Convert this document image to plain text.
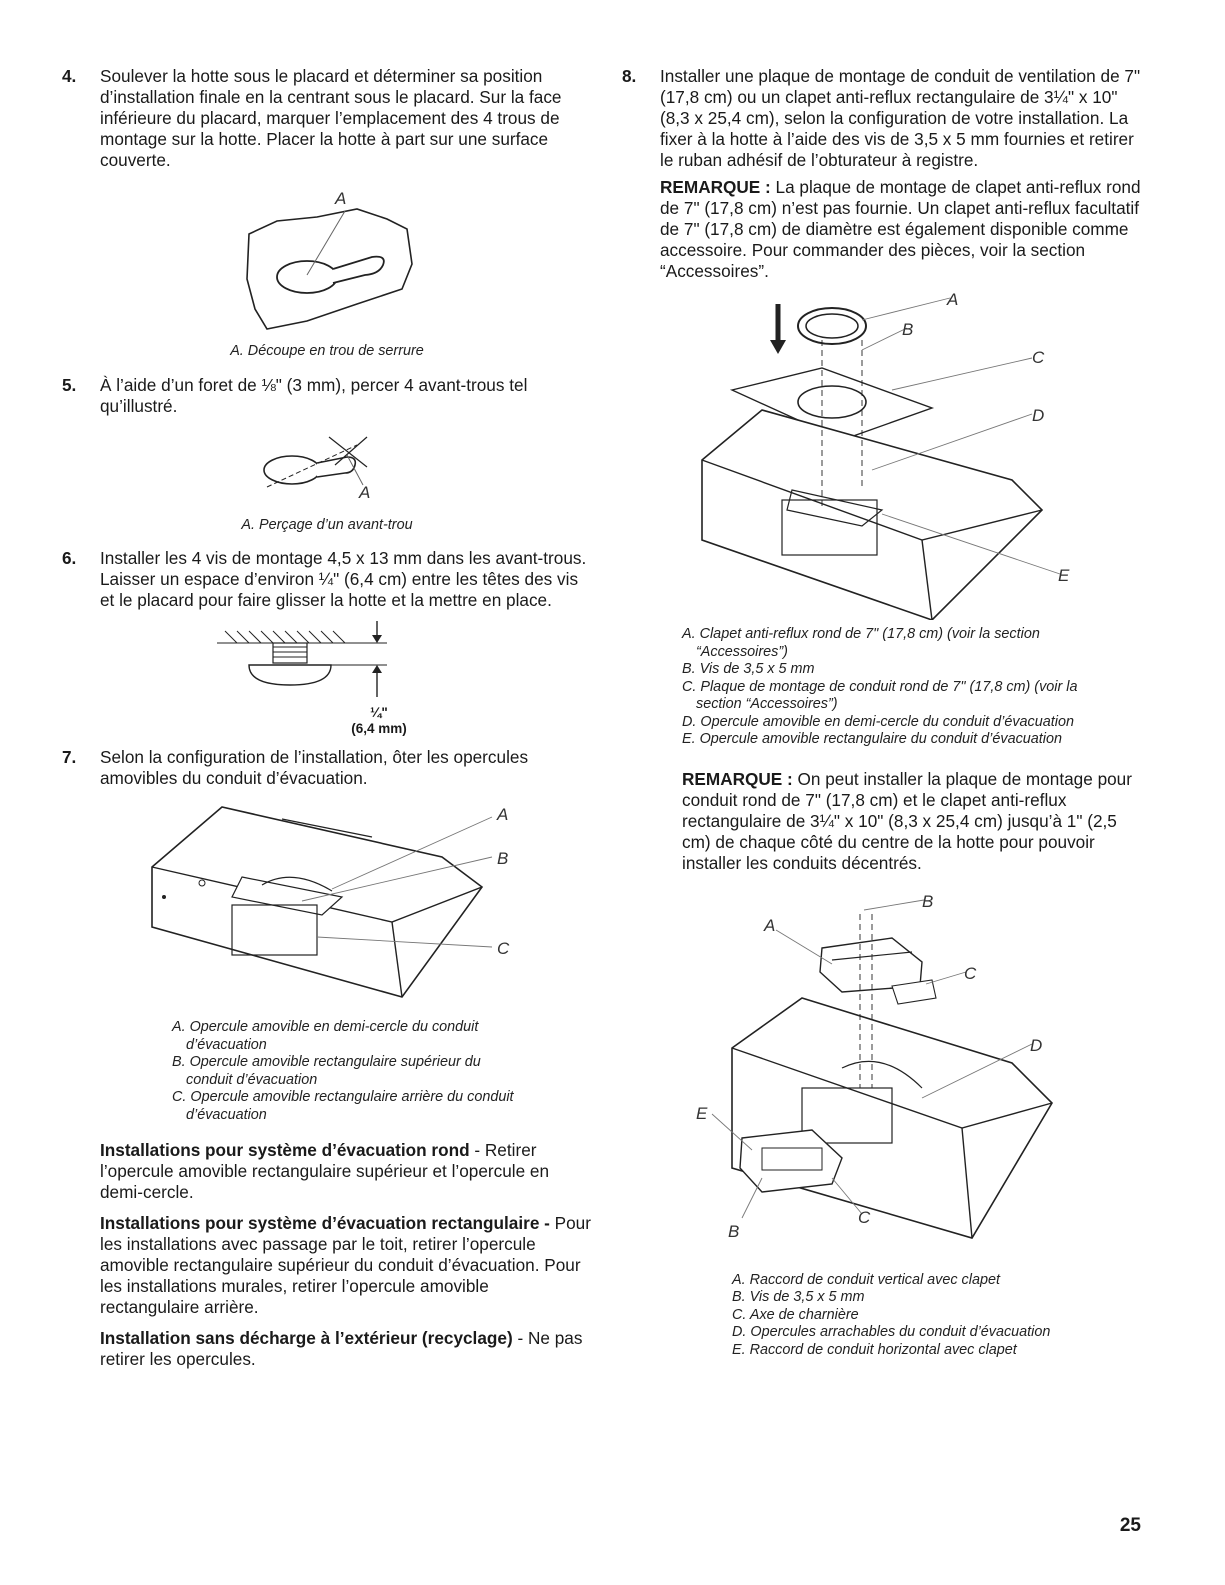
4. Soulever la hotte sous le placard et déterminer sa position d’installation finale en la centrant sous le placard. Sur la face inférieure du placard, marquer l’emplacement des 4 trous de montage sur la hotte. Placer la hotte à part sur une surface couverte.

A
A. Découpe en trou de serrure
5. À l’aide d’un foret de ⅛" (3 mm), percer 4 avant-trous tel qu’illustré.

A
A. Perçage d’un avant-trou
6. Installer les 4 vis de montage 4,5 x 13 mm dans les avant-trous. Laisser un espace d’environ ¼" (6,4 cm) entre les têtes des vis et le placard pour faire glisser la hotte et la mettre en place.

¼"
(6,4 mm)
7. Selon la configuration de l’installation, ôter les opercules amovibles du conduit d’évacuation.

A
B
C
A. Opercule amovible en demi-cercle du conduit d’évacuation
B. Opercule amovible rectangulaire supérieur du conduit d’évacuation
C. Opercule amovible rectangulaire arrière du conduit d’évacuation
Installations pour système d’évacuation rond - Retirer l’opercule amovible rectangulaire supérieur et l’opercule en demi-cercle.
Installations pour système d’évacuation rectangulaire - Pour les installations avec passage par le toit, retirer l’opercule amovible rectangulaire supérieur du conduit d’évacuation. Pour les installations murales, retirer l’opercule amovible rectangulaire arrière.
Installation sans décharge à l’extérieur (recyclage) - Ne pas retirer les opercules.
8. Installer une plaque de montage de conduit de ventilation de 7" (17,8 cm) ou un clapet anti-reflux rectangulaire de 3¼" x 10" (8,3 x 25,4 cm), selon la configuration de votre installation. La fixer à la hotte à l’aide des vis de 3,5 x 5 mm fournies et retirer le ruban adhésif de l’obturateur à registre.

REMARQUE : La plaque de montage de clapet anti-reflux rond de 7" (17,8 cm) n’est pas fournie. Un clapet anti-reflux facultatif de 7" (17,8 cm) de diamètre est également disponible comme accessoire. Pour commander des pièces, voir la section “Accessoires”.

A
B
C
D
E
A. Clapet anti-reflux rond de 7" (17,8 cm) (voir la section “Accessoires”)
B. Vis de 3,5 x 5 mm
C. Plaque de montage de conduit rond de 7" (17,8 cm) (voir la section “Accessoires”)
D. Opercule amovible en demi-cercle du conduit d’évacuation
E. Opercule amovible rectangulaire du conduit d’évacuation

REMARQUE : On peut installer la plaque de montage pour conduit rond de 7" (17,8 cm) et le clapet anti-reflux rectangulaire de 3¼" x 10" (8,3 x 25,4 cm) jusqu’à 1" (2,5 cm) de chaque côté du centre de la hotte pour pouvoir installer les conduits décentrés.

B
A
C
D
E
B
C
A. Raccord de conduit vertical avec clapet
B. Vis de 3,5 x 5 mm
C. Axe de charnière
D. Opercules arrachables du conduit d’évacuation
E. Raccord de conduit horizontal avec clapet
25
